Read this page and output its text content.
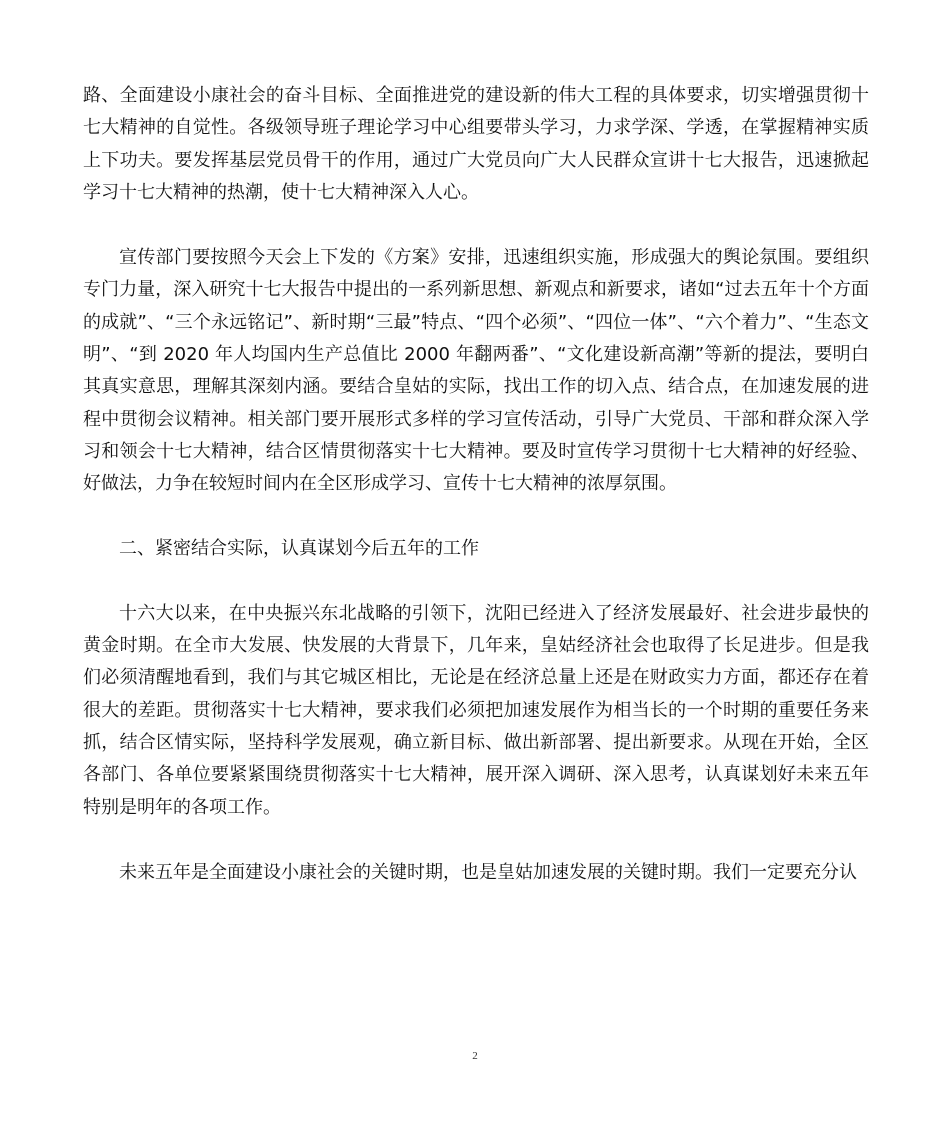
路、全面建设小康社会的奋斗目标、全面推进党的建设新的伟大工程的具体要求，切实增强贯彻十七大精神的自觉性。各级领导班子理论学习中心组要带头学习，力求学深、学透，在掌握精神实质上下功夫。要发挥基层党员骨干的作用，通过广大党员向广大人民群众宣讲十七大报告，迅速掀起学习十七大精神的热潮，使十七大精神深入人心。

宣传部门要按照今天会上下发的《方案》安排，迅速组织实施，形成强大的舆论氛围。要组织专门力量，深入研究十七大报告中提出的一系列新思想、新观点和新要求，诸如“过去五年十个方面的成就”、“三个永远铭记”、新时期“三最”特点、“四个必须”、“四位一体”、“六个着力”、“生态文明”、“到 2020 年人均国内生产总值比 2000 年翻两番”、“文化建设新高潮”等新的提法，要明白其真实意思，理解其深刻内涵。要结合皇姑的实际，找出工作的切入点、结合点，在加速发展的进程中贯彻会议精神。相关部门要开展形式多样的学习宣传活动，引导广大党员、干部和群众深入学习和领会十七大精神，结合区情贯彻落实十七大精神。要及时宣传学习贯彻十七大精神的好经验、好做法，力争在较短时间内在全区形成学习、宣传十七大精神的浓厚氛围。

二、紧密结合实际，认真谋划今后五年的工作

十六大以来，在中央振兴东北战略的引领下，沈阳已经进入了经济发展最好、社会进步最快的黄金时期。在全市大发展、快发展的大背景下，几年来，皇姑经济社会也取得了长足进步。但是我们必须清醒地看到，我们与其它城区相比，无论是在经济总量上还是在财政实力方面，都还存在着很大的差距。贯彻落实十七大精神，要求我们必须把加速发展作为相当长的一个时期的重要任务来抓，结合区情实际，坚持科学发展观，确立新目标、做出新部署、提出新要求。从现在开始，全区各部门、各单位要紧紧围绕贯彻落实十七大精神，展开深入调研、深入思考，认真谋划好未来五年特别是明年的各项工作。

未来五年是全面建设小康社会的关键时期，也是皇姑加速发展的关键时期。我们一定要充分认

2
